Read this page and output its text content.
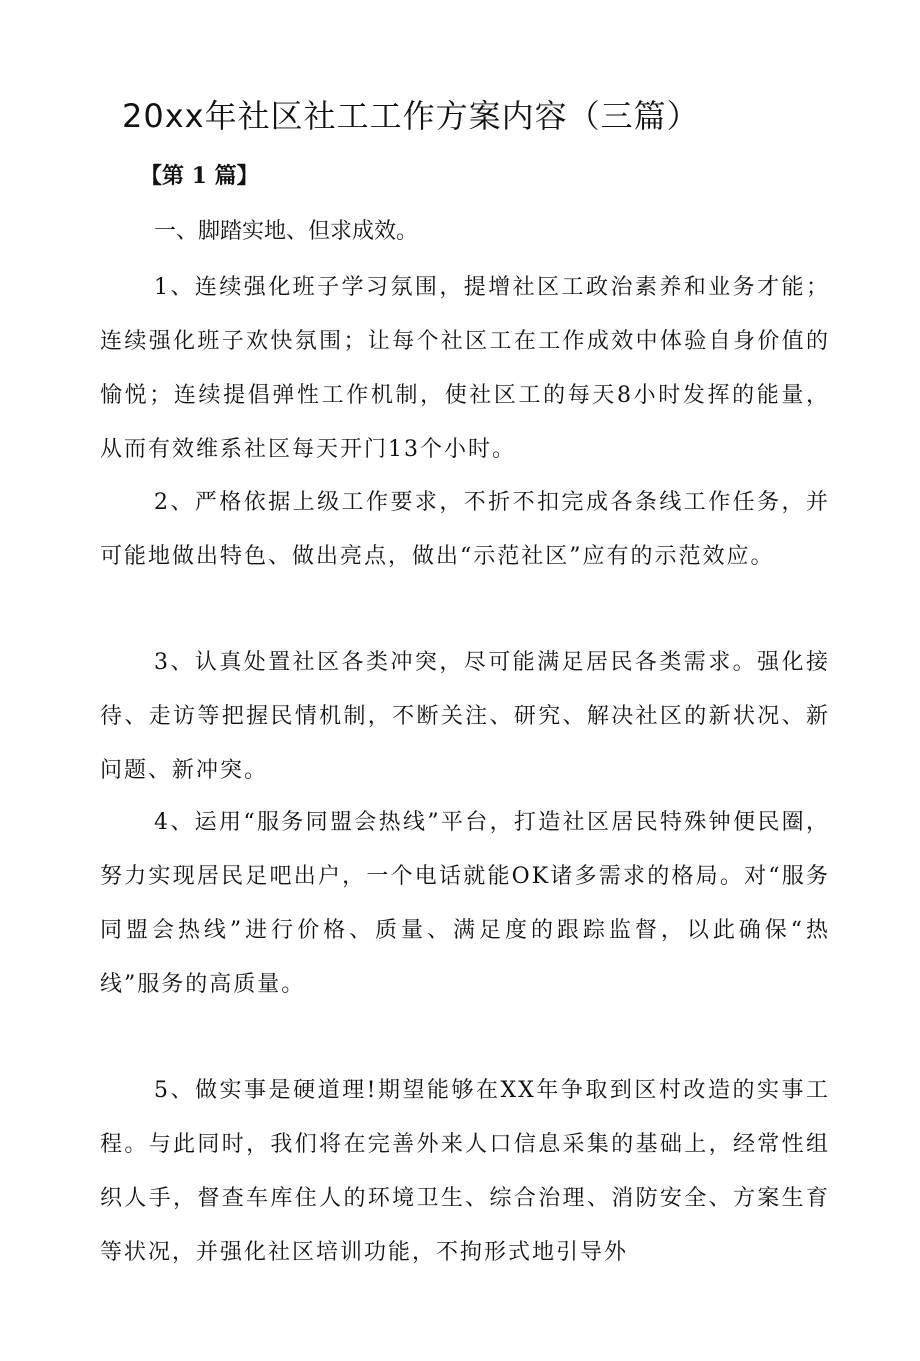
20xx年社区社工工作方案内容（三篇）

【第 1 篇】

一、脚踏实地、但求成效。

1、连续强化班子学习氛围，提增社区工政治素养和业务才能；连续强化班子欢快氛围；让每个社区工在工作成效中体验自身价值的愉悦；连续提倡弹性工作机制，使社区工的每天8小时发挥的能量，从而有效维系社区每天开门13个小时。

2、严格依据上级工作要求，不折不扣完成各条线工作任务，并可能地做出特色、做出亮点，做出“示范社区”应有的示范效应。

3、认真处置社区各类冲突，尽可能满足居民各类需求。强化接待、走访等把握民情机制，不断关注、研究、解决社区的新状况、新问题、新冲突。

4、运用“服务同盟会热线”平台，打造社区居民特殊钟便民圈，努力实现居民足吧出户，一个电话就能OK诸多需求的格局。对“服务同盟会热线”进行价格、质量、满足度的跟踪监督，以此确保“热线”服务的高质量。

5、做实事是硬道理!期望能够在XX年争取到区村改造的实事工程。与此同时，我们将在完善外来人口信息采集的基础上，经常性组织人手，督查车库住人的环境卫生、综合治理、消防安全、方案生育等状况，并强化社区培训功能，不拘形式地引导外
